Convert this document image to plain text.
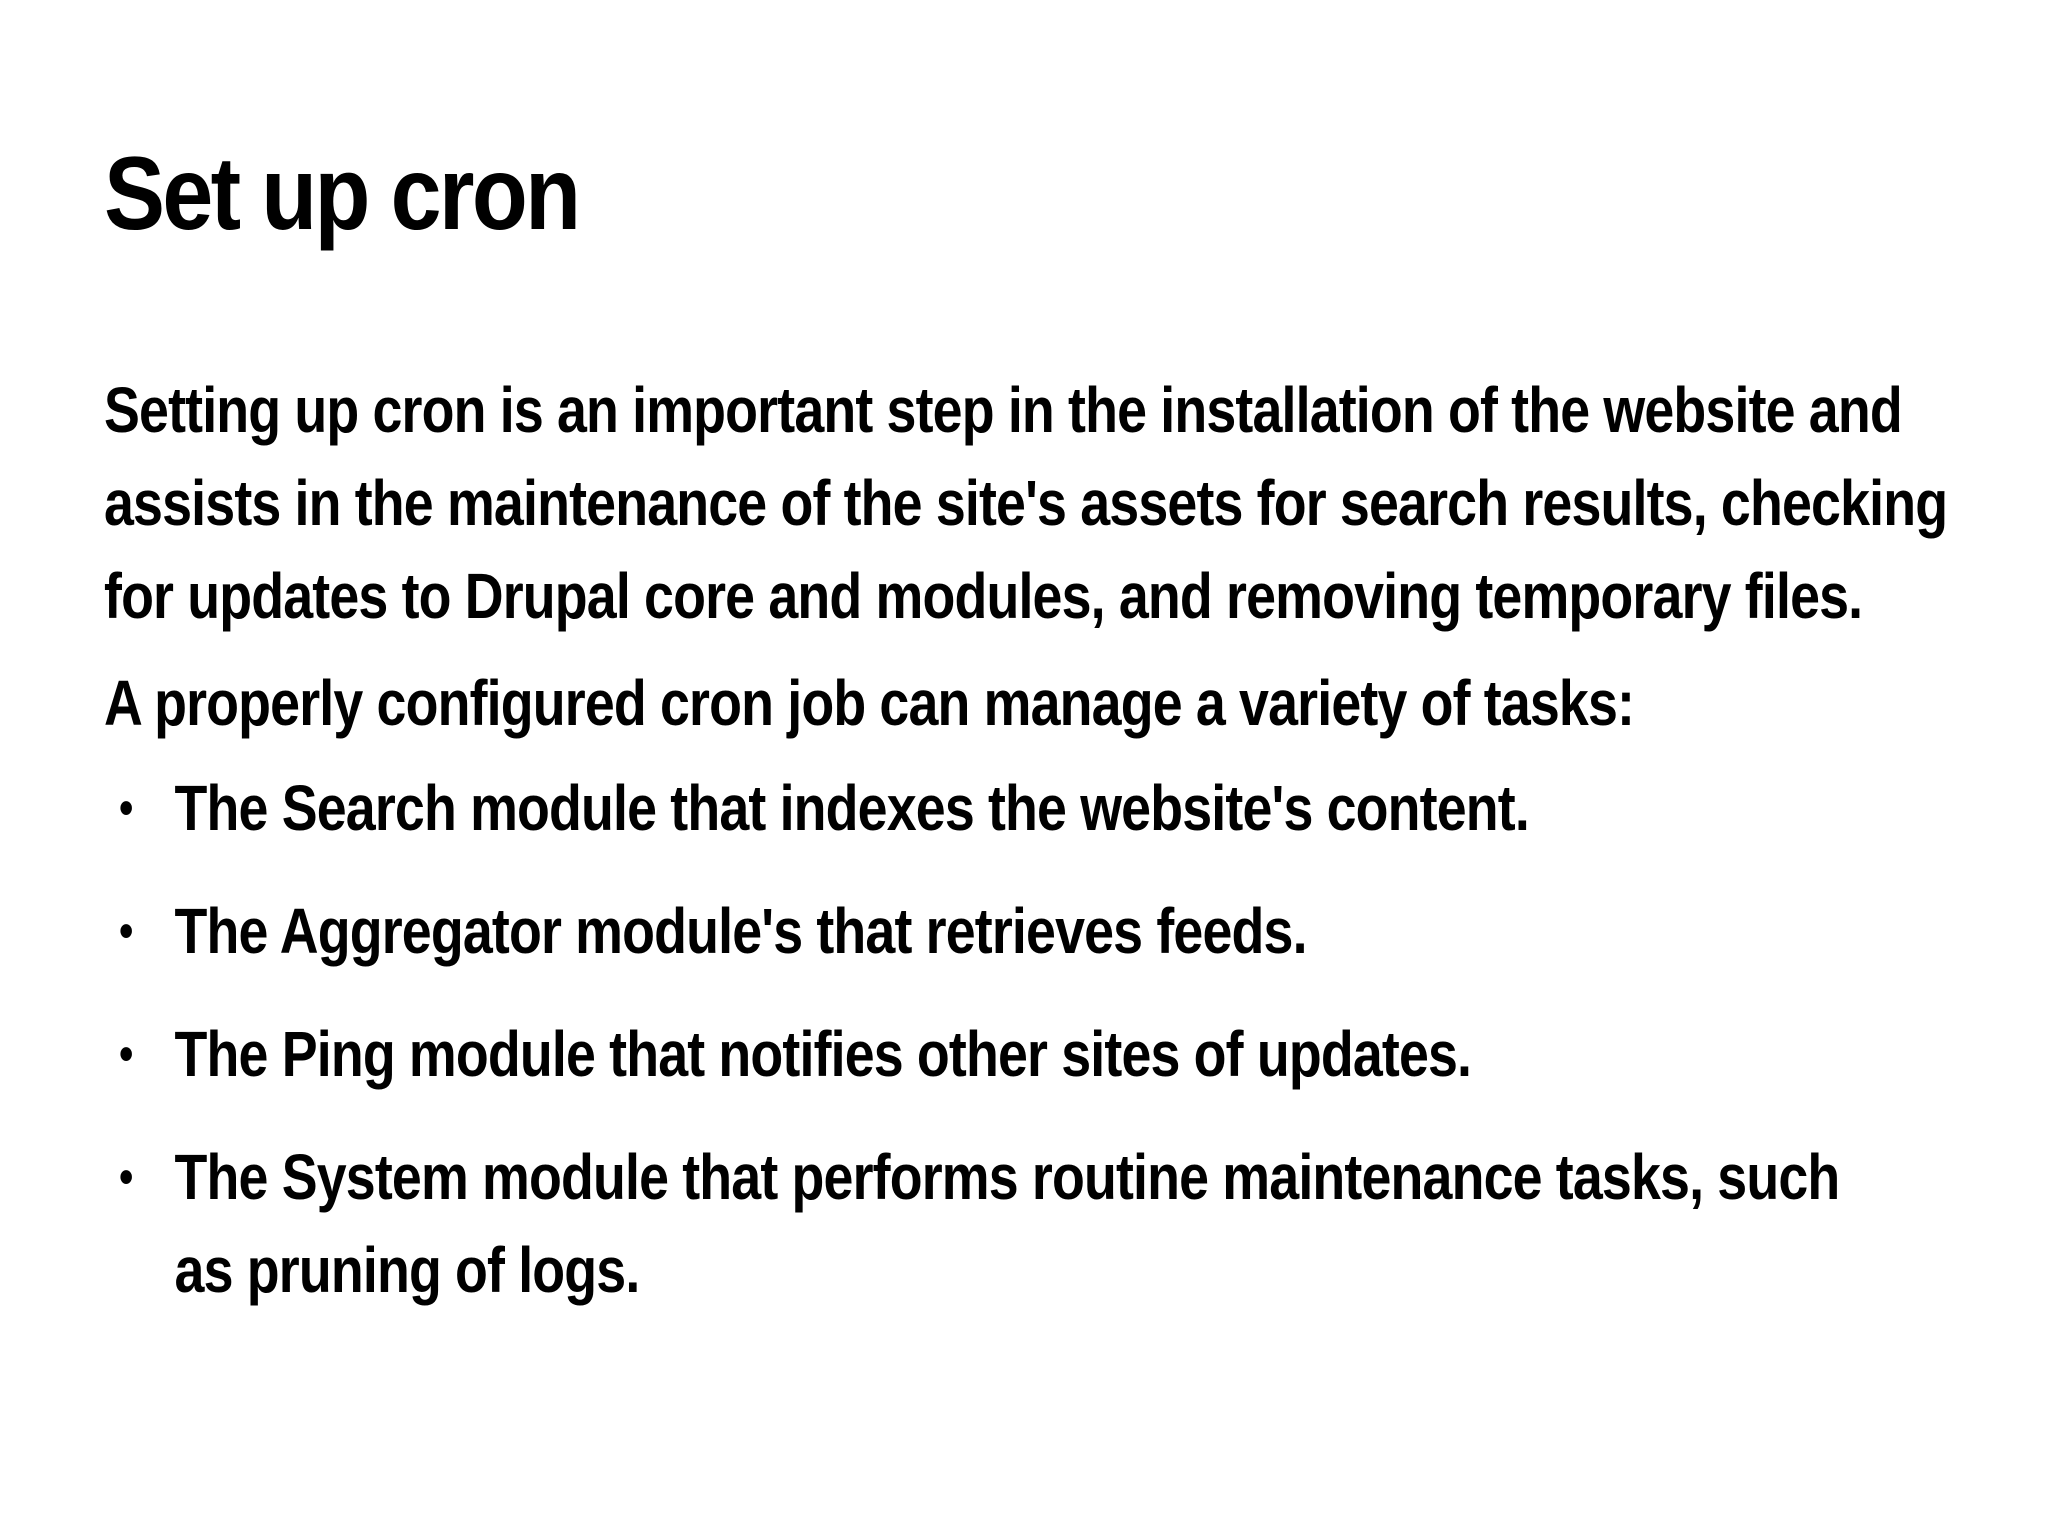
Set up cron

Setting up cron is an important step in the installation of the website and assists in the maintenance of the site's assets for search results, checking for updates to Drupal core and modules, and removing temporary files.

A properly configured cron job can manage a variety of tasks:

• The Search module that indexes the website's content.
• The Aggregator module's that retrieves feeds.
• The Ping module that notifies other sites of updates.
• The System module that performs routine maintenance tasks, such as pruning of logs.
